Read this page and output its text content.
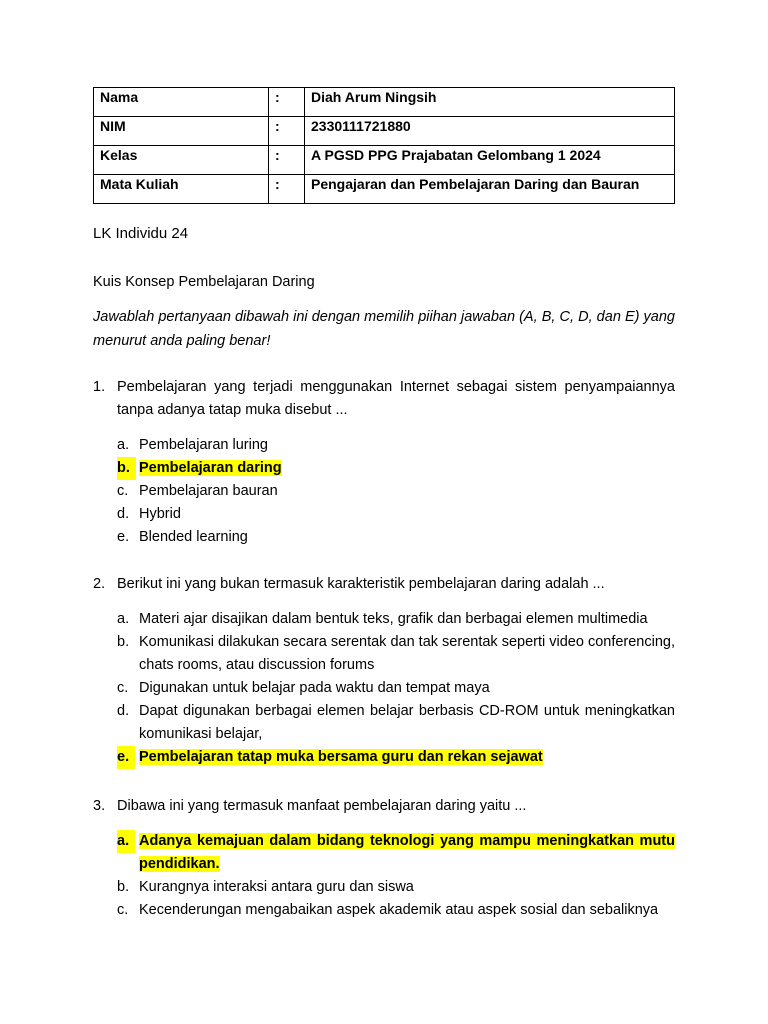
Nama	:	Diah Arum Ningsih
NIM	:	2330111721880
Kelas	:	A PGSD PPG Prajabatan Gelombang 1 2024
Mata Kuliah	:	Pengajaran dan Pembelajaran Daring dan Bauran
LK Individu 24
Kuis Konsep Pembelajaran Daring
Jawablah pertanyaan dibawah ini dengan memilih piihan jawaban (A, B, C, D, dan E) yang menurut anda paling benar!
1. Pembelajaran yang terjadi menggunakan Internet sebagai sistem penyampaiannya tanpa adanya tatap muka disebut ...
a. Pembelajaran luring
b. Pembelajaran daring
c. Pembelajaran bauran
d. Hybrid
e. Blended learning
2. Berikut ini yang bukan termasuk karakteristik pembelajaran daring adalah ...
a. Materi ajar disajikan dalam bentuk teks, grafik dan berbagai elemen multimedia
b. Komunikasi dilakukan secara serentak dan tak serentak seperti video conferencing, chats rooms, atau discussion forums
c. Digunakan untuk belajar pada waktu dan tempat maya
d. Dapat digunakan berbagai elemen belajar berbasis CD-ROM untuk meningkatkan komunikasi belajar,
e. Pembelajaran tatap muka bersama guru dan rekan sejawat
3. Dibawa ini yang termasuk manfaat pembelajaran daring yaitu ...
a. Adanya kemajuan dalam bidang teknologi yang mampu meningkatkan mutu pendidikan.
b. Kurangnya interaksi antara guru dan siswa
c. Kecenderungan mengabaikan aspek akademik atau aspek sosial dan sebaliknya
